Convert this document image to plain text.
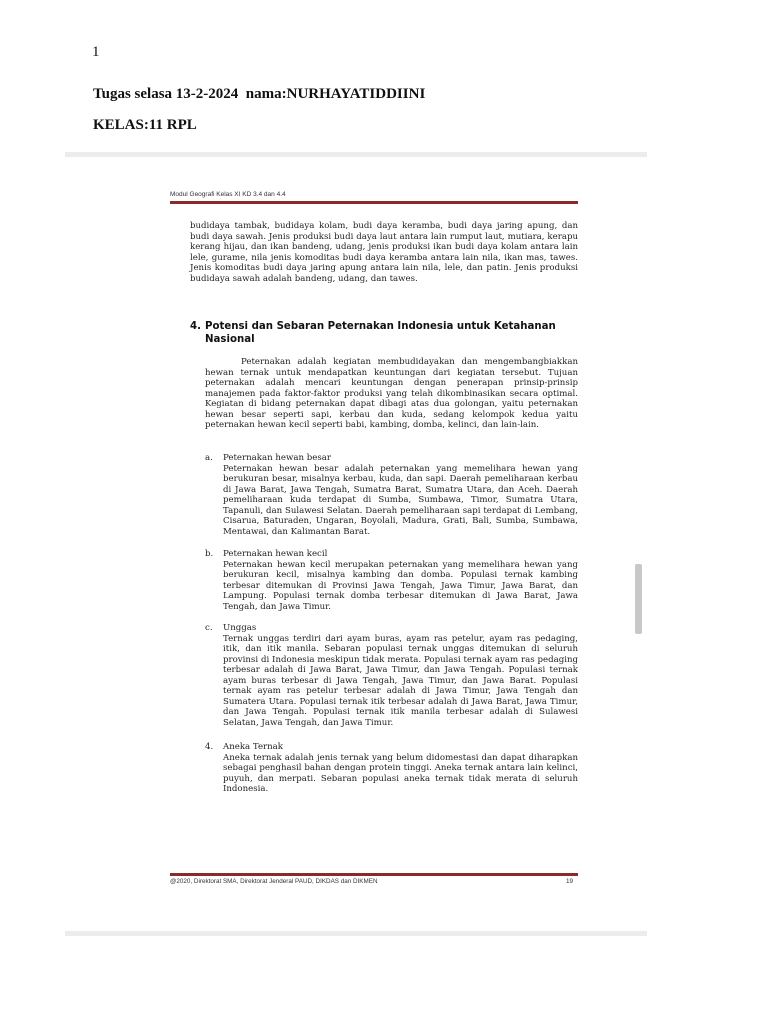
1
Tugas selasa 13-2-2024  nama:NURHAYATIDDIINI
KELAS:11 RPL
Modul Geografi Kelas XI KD 3.4 dan 4.4

budidaya tambak, budidaya kolam, budi daya keramba, budi daya jaring apung, dan budi daya sawah. Jenis produksi budi daya laut antara lain rumput laut, mutiara, kerapu kerang hijau, dan ikan bandeng, udang, jenis produksi ikan budi daya kolam antara lain lele, gurame, nila jenis komoditas budi daya keramba antara lain nila, ikan mas, tawes. Jenis komoditas budi daya jaring apung antara lain nila, lele, dan patin. Jenis produksi budidaya sawah adalah bandeng, udang, dan tawes.

4. Potensi dan Sebaran Peternakan Indonesia untuk Ketahanan Nasional

Peternakan adalah kegiatan membudidayakan dan mengembangbiakkan hewan ternak untuk mendapatkan keuntungan dari kegiatan tersebut. Tujuan peternakan adalah mencari keuntungan dengan penerapan prinsip-prinsip manajemen pada faktor-faktor produksi yang telah dikombinasikan secara optimal. Kegiatan di bidang peternakan dapat dibagi atas dua golongan, yaitu peternakan hewan besar seperti sapi, kerbau dan kuda, sedang kelompok kedua yaitu peternakan hewan kecil seperti babi, kambing, domba, kelinci, dan lain-lain.

a. Peternakan hewan besar

Peternakan hewan besar adalah peternakan yang memelihara hewan yang berukuran besar, misalnya kerbau, kuda, dan sapi. Daerah pemeliharaan kerbau di Jawa Barat, Jawa Tengah, Sumatra Barat, Sumatra Utara, dan Aceh. Daerah pemeliharaan kuda terdapat di Sumba, Sumbawa, Timor, Sumatra Utara, Tapanuli, dan Sulawesi Selatan. Daerah pemeliharaan sapi terdapat di Lembang, Cisarua, Baturaden, Ungaran, Boyolali, Madura, Grati, Bali, Sumba, Sumbawa, Mentawai, dan Kalimantan Barat.

b. Peternakan hewan kecil

Peternakan hewan kecil merupakan peternakan yang memelihara hewan yang berukuran kecil, misalnya kambing dan domba. Populasi ternak kambing terbesar ditemukan di Provinsi Jawa Tengah, Jawa Timur, Jawa Barat, dan Lampung. Populasi ternak domba terbesar ditemukan di Jawa Barat, Jawa Tengah, dan Jawa Timur.

c. Unggas

Ternak unggas terdiri dari ayam buras, ayam ras petelur, ayam ras pedaging, itik, dan itik manila. Sebaran populasi ternak unggas ditemukan di seluruh provinsi di Indonesia meskipun tidak merata. Populasi ternak ayam ras pedaging terbesar adalah di Jawa Barat, Jawa Timur, dan Jawa Tengah. Populasi ternak ayam buras terbesar di Jawa Tengah, Jawa Timur, dan Jawa Barat. Populasi ternak ayam ras petelur terbesar adalah di Jawa Timur, Jawa Tengah dan Sumatera Utara. Populasi ternak itik terbesar adalah di Jawa Barat, Jawa Timur, dan Jawa Tengah. Populasi ternak itik manila terbesar adalah di Sulawesi Selatan, Jawa Tengah, dan Jawa Timur.

4. Aneka Ternak

Aneka ternak adalah jenis ternak yang belum didomestasi dan dapat diharapkan sebagai penghasil bahan dengan protein tinggi. Aneka ternak antara lain kelinci, puyuh, dan merpati. Sebaran populasi aneka ternak tidak merata di seluruh Indonesia.

@2020, Direktorat SMA, Direktorat Jenderal PAUD, DIKDAS dan DIKMEN	19
